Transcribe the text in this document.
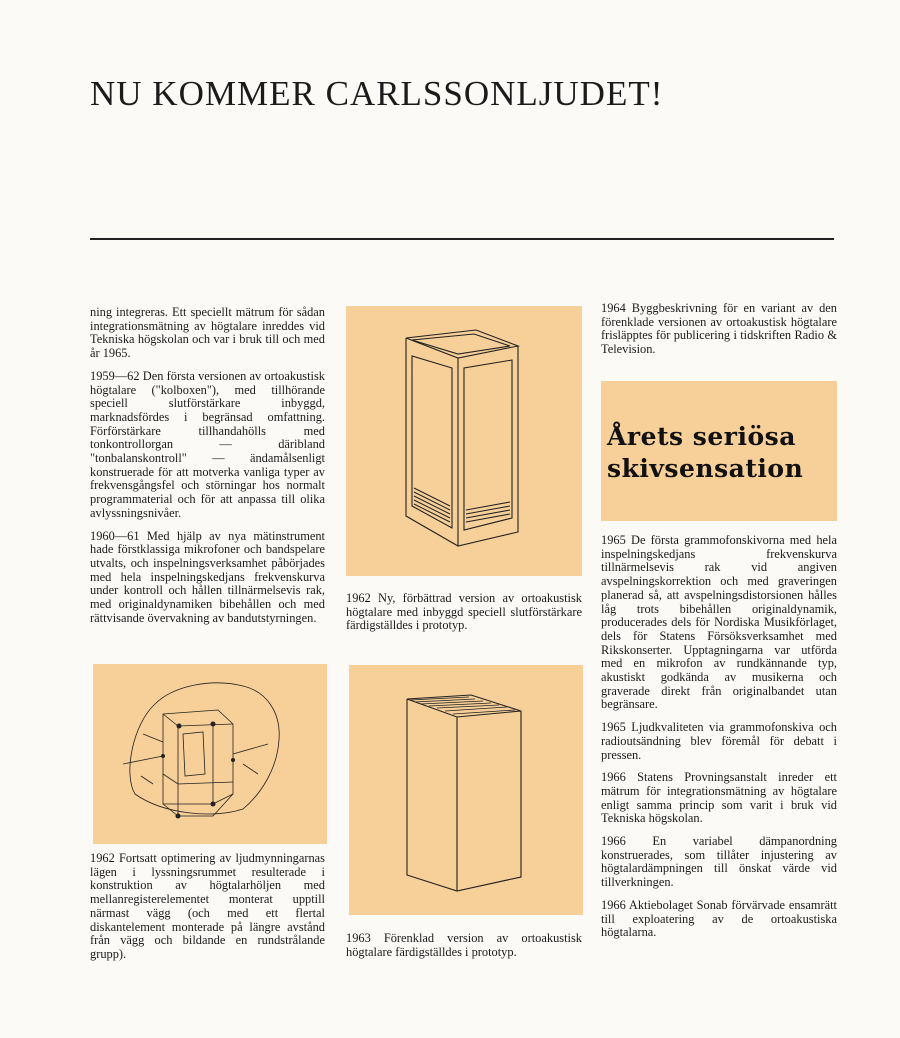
NU KOMMER CARLSSONLJUDET!

ning integreras. Ett speciellt mätrum för sådan integrationsmätning av högtalare inreddes vid Tekniska högskolan och var i bruk till och med år 1965.

1959—62 Den första versionen av ortoakustisk högtalare ("kolboxen"), med tillhörande speciell slutförstärkare inbyggd, marknadsfördes i begränsad omfattning. Förförstärkare tillhandahölls med tonkontrollorgan — däribland "tonbalanskontroll" — ändamålsenligt konstruerade för att motverka vanliga typer av frekvensgångsfel och störningar hos normalt programmaterial och för att anpassa till olika avlyssningsnivåer.

1960—61 Med hjälp av nya mätinstrument hade förstklassiga mikrofoner och bandspelare utvalts, och inspelningsverksamhet påbörjades med hela inspelningskedjans frekvenskurva under kontroll och hållen tillnärmelsevis rak, med originaldynamiken bibehållen och med rättvisande övervakning av bandutstyrningen.

1962 Fortsatt optimering av ljudmynningarnas lägen i lyssningsrummet resulterade i konstruktion av högtalarhöljen med mellanregisterelementet monterat upptill närmast vägg (och med ett flertal diskantelement monterade på längre avstånd från vägg och bildande en rundstrålande grupp).

1962 Ny, förbättrad version av ortoakustisk högtalare med inbyggd speciell slutförstärkare färdigställdes i prototyp.

1963 Förenklad version av ortoakustisk högtalare färdigställdes i prototyp.

1964 Byggbeskrivning för en variant av den förenklade versionen av ortoakustisk högtalare frisläpptes för publicering i tidskriften Radio & Television.

Årets seriösa
skivsensation

1965 De första grammofonskivorna med hela inspelningskedjans frekvenskurva tillnärmelsevis rak vid angiven avspelningskorrektion och med graveringen planerad så, att avspelningsdistorsionen hålles låg trots bibehållen originaldynamik, producerades dels för Nordiska Musikförlaget, dels för Statens Försöksverksamhet med Rikskonserter. Upptagningarna var utförda med en mikrofon av rundkännande typ, akustiskt godkända av musikerna och graverade direkt från originalbandet utan begränsare.

1965 Ljudkvaliteten via grammofonskiva och radioutsändning blev föremål för debatt i pressen.

1966 Statens Provningsanstalt inreder ett mätrum för integrationsmätning av högtalare enligt samma princip som varit i bruk vid Tekniska högskolan.

1966 En variabel dämpanordning konstruerades, som tillåter injustering av högtalardämpningen till önskat värde vid tillverkningen.

1966 Aktiebolaget Sonab förvärvade ensamrätt till exploatering av de ortoakustiska högtalarna.
